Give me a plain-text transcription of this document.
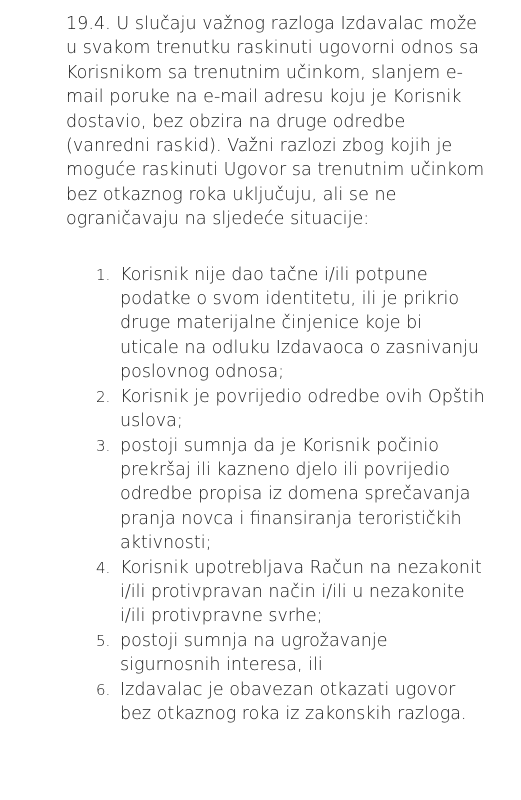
19.4. U slučaju važnog razloga Izdavalac može u svakom trenutku raskinuti ugovorni odnos sa Korisnikom sa trenutnim učinkom, slanjem e-mail poruke na e-mail adresu koju je Korisnik dostavio, bez obzira na druge odredbe (vanredni raskid). Važni razlozi zbog kojih je moguće raskinuti Ugovor sa trenutnim učinkom bez otkaznog roka uključuju, ali se ne ograničavaju na sljedeće situacije:

1. Korisnik nije dao tačne i/ili potpune podatke o svom identitetu, ili je prikrio druge materijalne činjenice koje bi uticale na odluku Izdavaoca o zasnivanju poslovnog odnosa;
2. Korisnik je povrijedio odredbe ovih Opštih uslova;
3. postoji sumnja da je Korisnik počinio prekršaj ili kazneno djelo ili povrijedio odredbe propisa iz domena sprečavanja pranja novca i finansiranja terorističkih aktivnosti;
4. Korisnik upotrebljava Račun na nezakonit i/ili protivpravan način i/ili u nezakonite i/ili protivpravne svrhe;
5. postoji sumnja na ugrožavanje sigurnosnih interesa, ili
6. Izdavalac je obavezan otkazati ugovor bez otkaznog roka iz zakonskih razloga.
